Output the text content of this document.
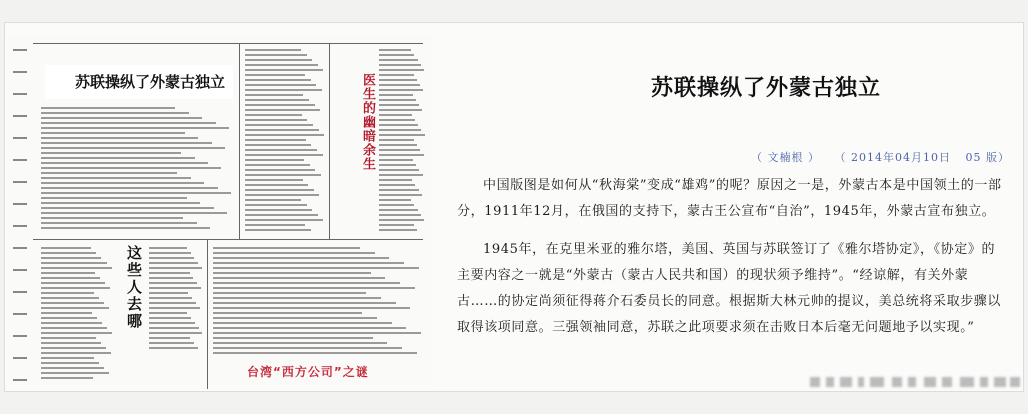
苏联操纵了外蒙古独立	医生的幽暗余生
这些人去哪
台湾“西方公司”之谜
苏联操纵了外蒙古独立
（ 文楠根 ） （ 2014年04月10日 05 版）

中国版图是如何从“秋海棠”变成“雄鸡”的呢？原因之一是，外蒙古本是中国领土的一部分，1911年12月，在俄国的支持下，蒙古王公宣布“自治”，1945年，外蒙古宣布独立。

1945年，在克里米亚的雅尔塔，美国、英国与苏联签订了《雅尔塔协定》，《协定》的主要内容之一就是“外蒙古（蒙古人民共和国）的现状须予维持”。“经谅解，有关外蒙古……的协定尚须征得蒋介石委员长的同意。根据斯大林元帅的提议，美总统将采取步骤以取得该项同意。三强领袖同意，苏联之此项要求须在击败日本后毫无问题地予以实现。”
